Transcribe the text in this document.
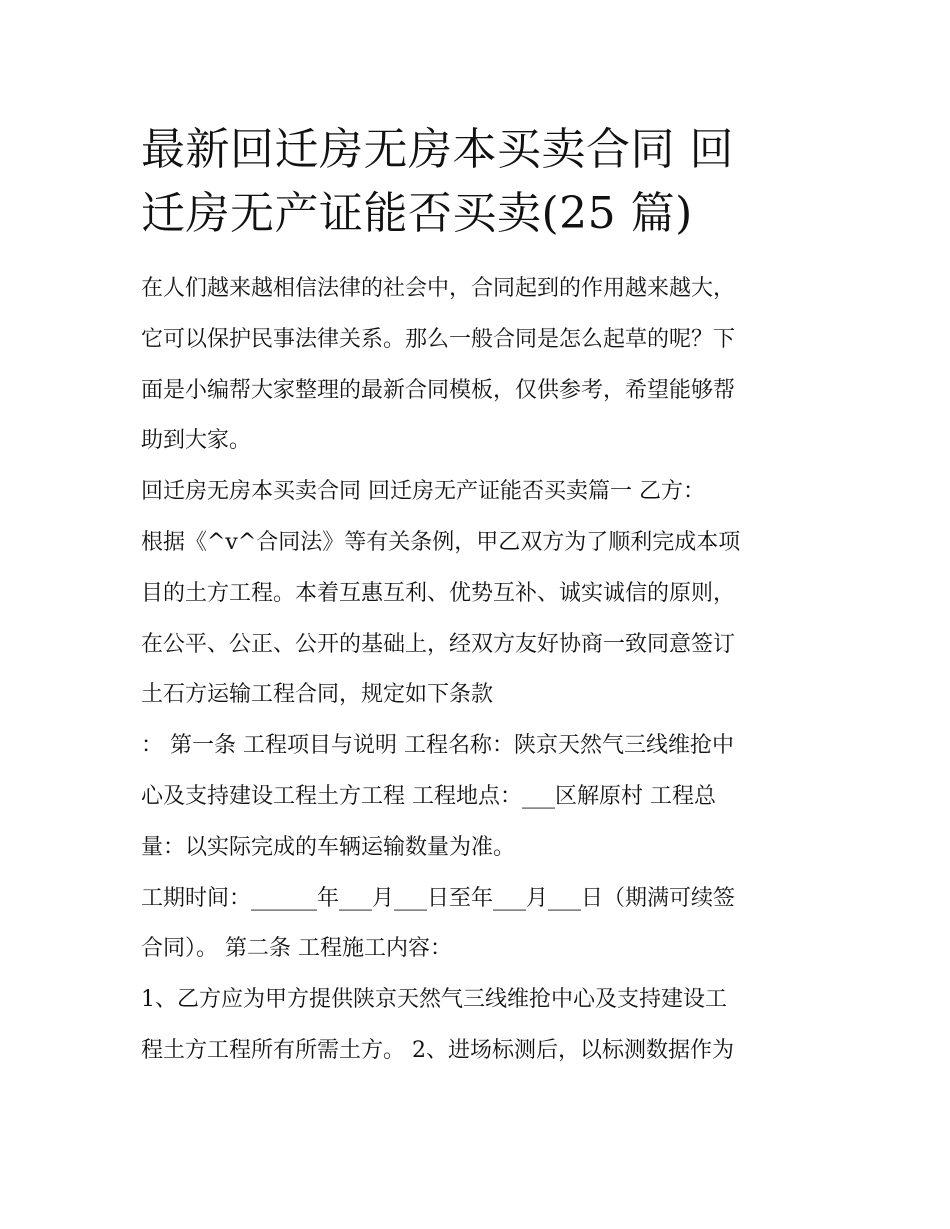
最新回迁房无房本买卖合同 回
迁房无产证能否买卖(25 篇)
在人们越来越相信法律的社会中，合同起到的作用越来越大，
它可以保护民事法律关系。那么一般合同是怎么起草的呢？下
面是小编帮大家整理的最新合同模板，仅供参考，希望能够帮
助到大家。
回迁房无房本买卖合同 回迁房无产证能否买卖篇一 乙方：
根据《^v^合同法》等有关条例，甲乙双方为了顺利完成本项
目的土方工程。本着互惠互利、优势互补、诚实诚信的原则，
在公平、公正、公开的基础上，经双方友好协商一致同意签订
土石方运输工程合同，规定如下条款
： 第一条 工程项目与说明 工程名称：陕京天然气三线维抢中
心及支持建设工程土方工程 工程地点：___区解原村 工程总
量：以实际完成的车辆运输数量为准。
工期时间：______年___月___日至年___月___日（期满可续签
合同）。 第二条 工程施工内容：
1、乙方应为甲方提供陕京天然气三线维抢中心及支持建设工
程土方工程所有所需土方。 2、进场标测后，以标测数据作为
